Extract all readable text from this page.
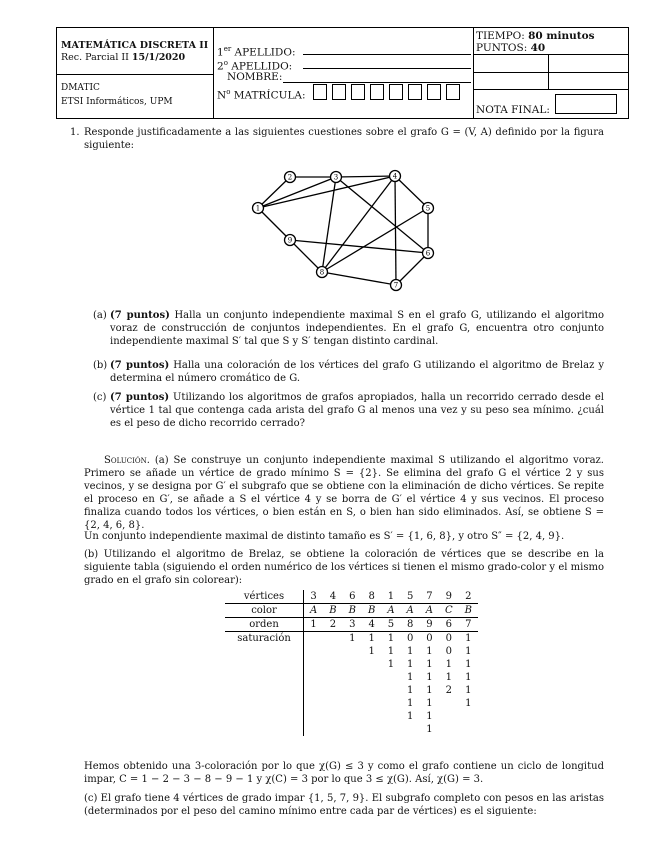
MATEMÁTICA DISCRETA II
Rec. Parcial II 15/1/2020
DMATIC
ETSI Informáticos, UPM
1er APELLIDO:
2$^o$ APELLIDO:
NOMBRE:
$N^o$ MATRÍCULA:
TIEMPO: 80 minutos
PUNTOS: 40
NOTA FINAL:
1. Responde justificadamente a las siguientes cuestiones sobre el grafo G = (V, A) definido por la figura siguiente:
1
2	3	4
5
6
7
8
9
(a) (7 puntos) Halla un conjunto independiente maximal S en el grafo G, utilizando el algoritmo voraz de construcción de conjuntos independientes. En el grafo G, encuentra otro conjunto independiente maximal S′ tal que S y S′ tengan distinto cardinal.
(b) (7 puntos) Halla una coloración de los vértices del grafo G utilizando el algoritmo de Brelaz y determina el número cromático de G.
(c) (7 puntos) Utilizando los algoritmos de grafos apropiados, halla un recorrido cerrado desde el vértice 1 tal que contenga cada arista del grafo G al menos una vez y su peso sea mínimo. ¿cuál es el peso de dicho recorrido cerrado?
Solución. (a) Se construye un conjunto independiente maximal S utilizando el algoritmo voraz. Primero se añade un vértice de grado mínimo S = {2}. Se elimina del grafo G el vértice 2 y sus vecinos, y se designa por G′ el subgrafo que se obtiene con la eliminación de dicho vértices. Se repite el proceso en G′, se añade a S el vértice 4 y se borra de G′ el vértice 4 y sus vecinos. El proceso finaliza cuando todos los vértices, o bien están en S, o bien han sido eliminados. Así, se obtiene S = {2, 4, 6, 8}.
Un conjunto independiente maximal de distinto tamaño es S′ = {1, 6, 8}, y otro S″ = {2, 4, 9}.
(b) Utilizando el algoritmo de Brelaz, se obtiene la coloración de vértices que se describe en la siguiente tabla (siguiendo el orden numérico de los vértices si tienen el mismo grado-color y el mismo grado en el grafo sin colorear):
vértices	3	4	6	8	1	5	7	9	2
color	A	B	B	B	A	A	A	C	B
orden	1	2	3	4	5	8	9	6	7
saturación			1	1	1	0	0	0	1
				1	1	1	1	0	1
					1	1	1	1	1
						1	1	1	1
						1	1	2	1
						1	1		1
						1	1		
							1		
Hemos obtenido una 3-coloración por lo que χ(G) ≤ 3 y como el grafo contiene un ciclo de longitud impar, C = 1 − 2 − 3 − 8 − 9 − 1 y χ(C) = 3 por lo que 3 ≤ χ(G). Así, χ(G) = 3.
(c) El grafo tiene 4 vértices de grado impar {1, 5, 7, 9}. El subgrafo completo con pesos en las aristas (determinados por el peso del camino mínimo entre cada par de vértices) es el siguiente:
